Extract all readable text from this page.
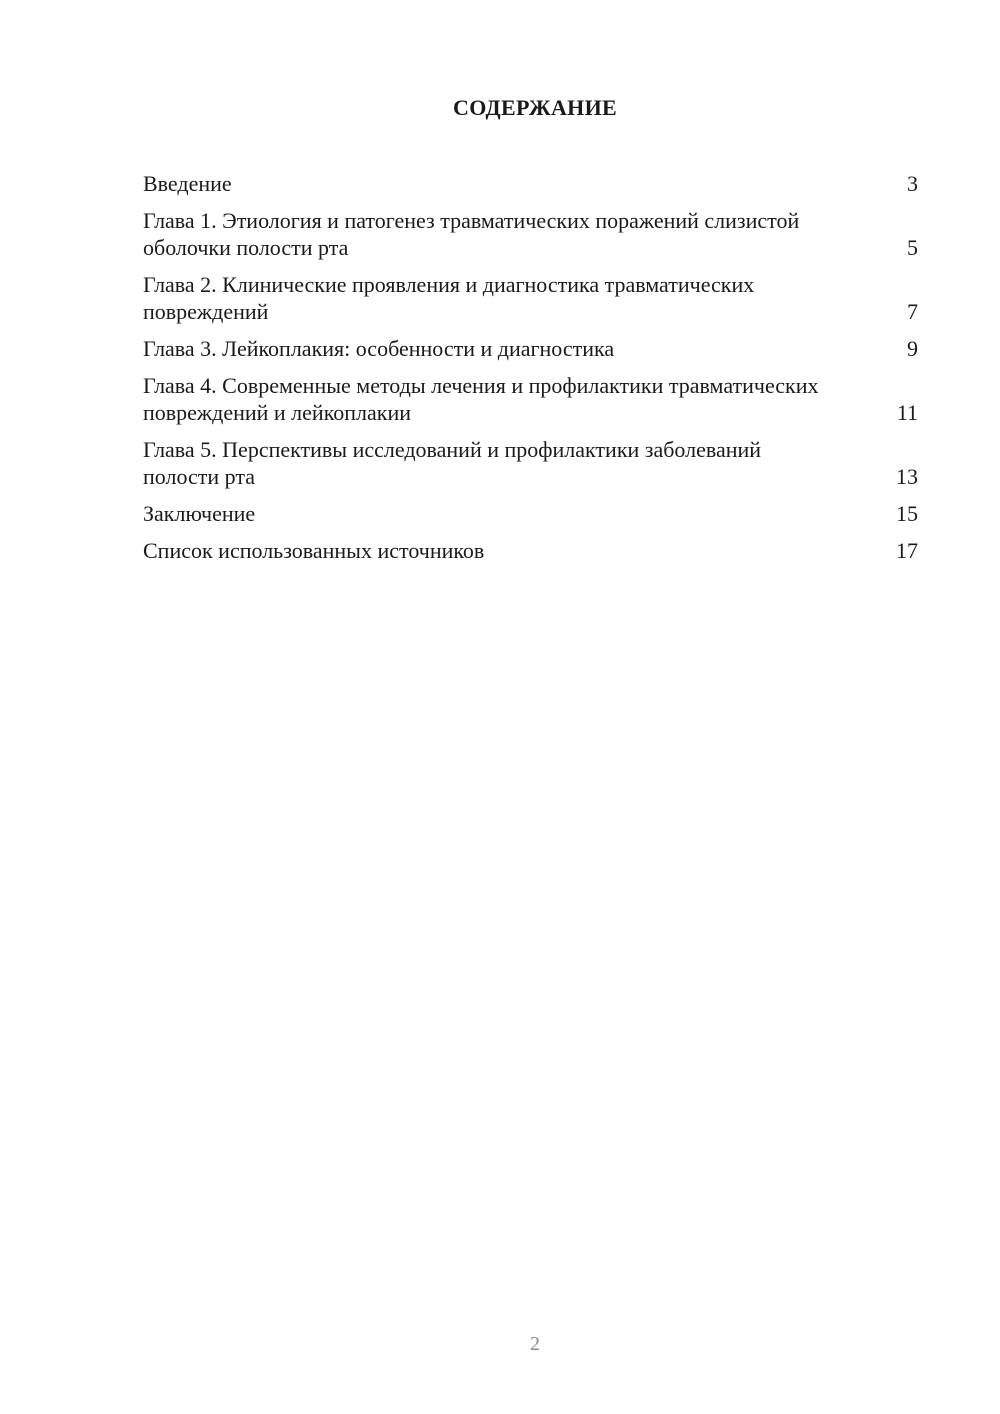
СОДЕРЖАНИЕ
Введение	3
Глава 1. Этиология и патогенез травматических поражений слизистой оболочки полости рта	5
Глава 2. Клинические проявления и диагностика травматических повреждений	7
Глава 3. Лейкоплакия: особенности и диагностика	9
Глава 4. Современные методы лечения и профилактики травматических повреждений и лейкоплакии	11
Глава 5. Перспективы исследований и профилактики заболеваний полости рта	13
Заключение	15
Список использованных источников	17
2
